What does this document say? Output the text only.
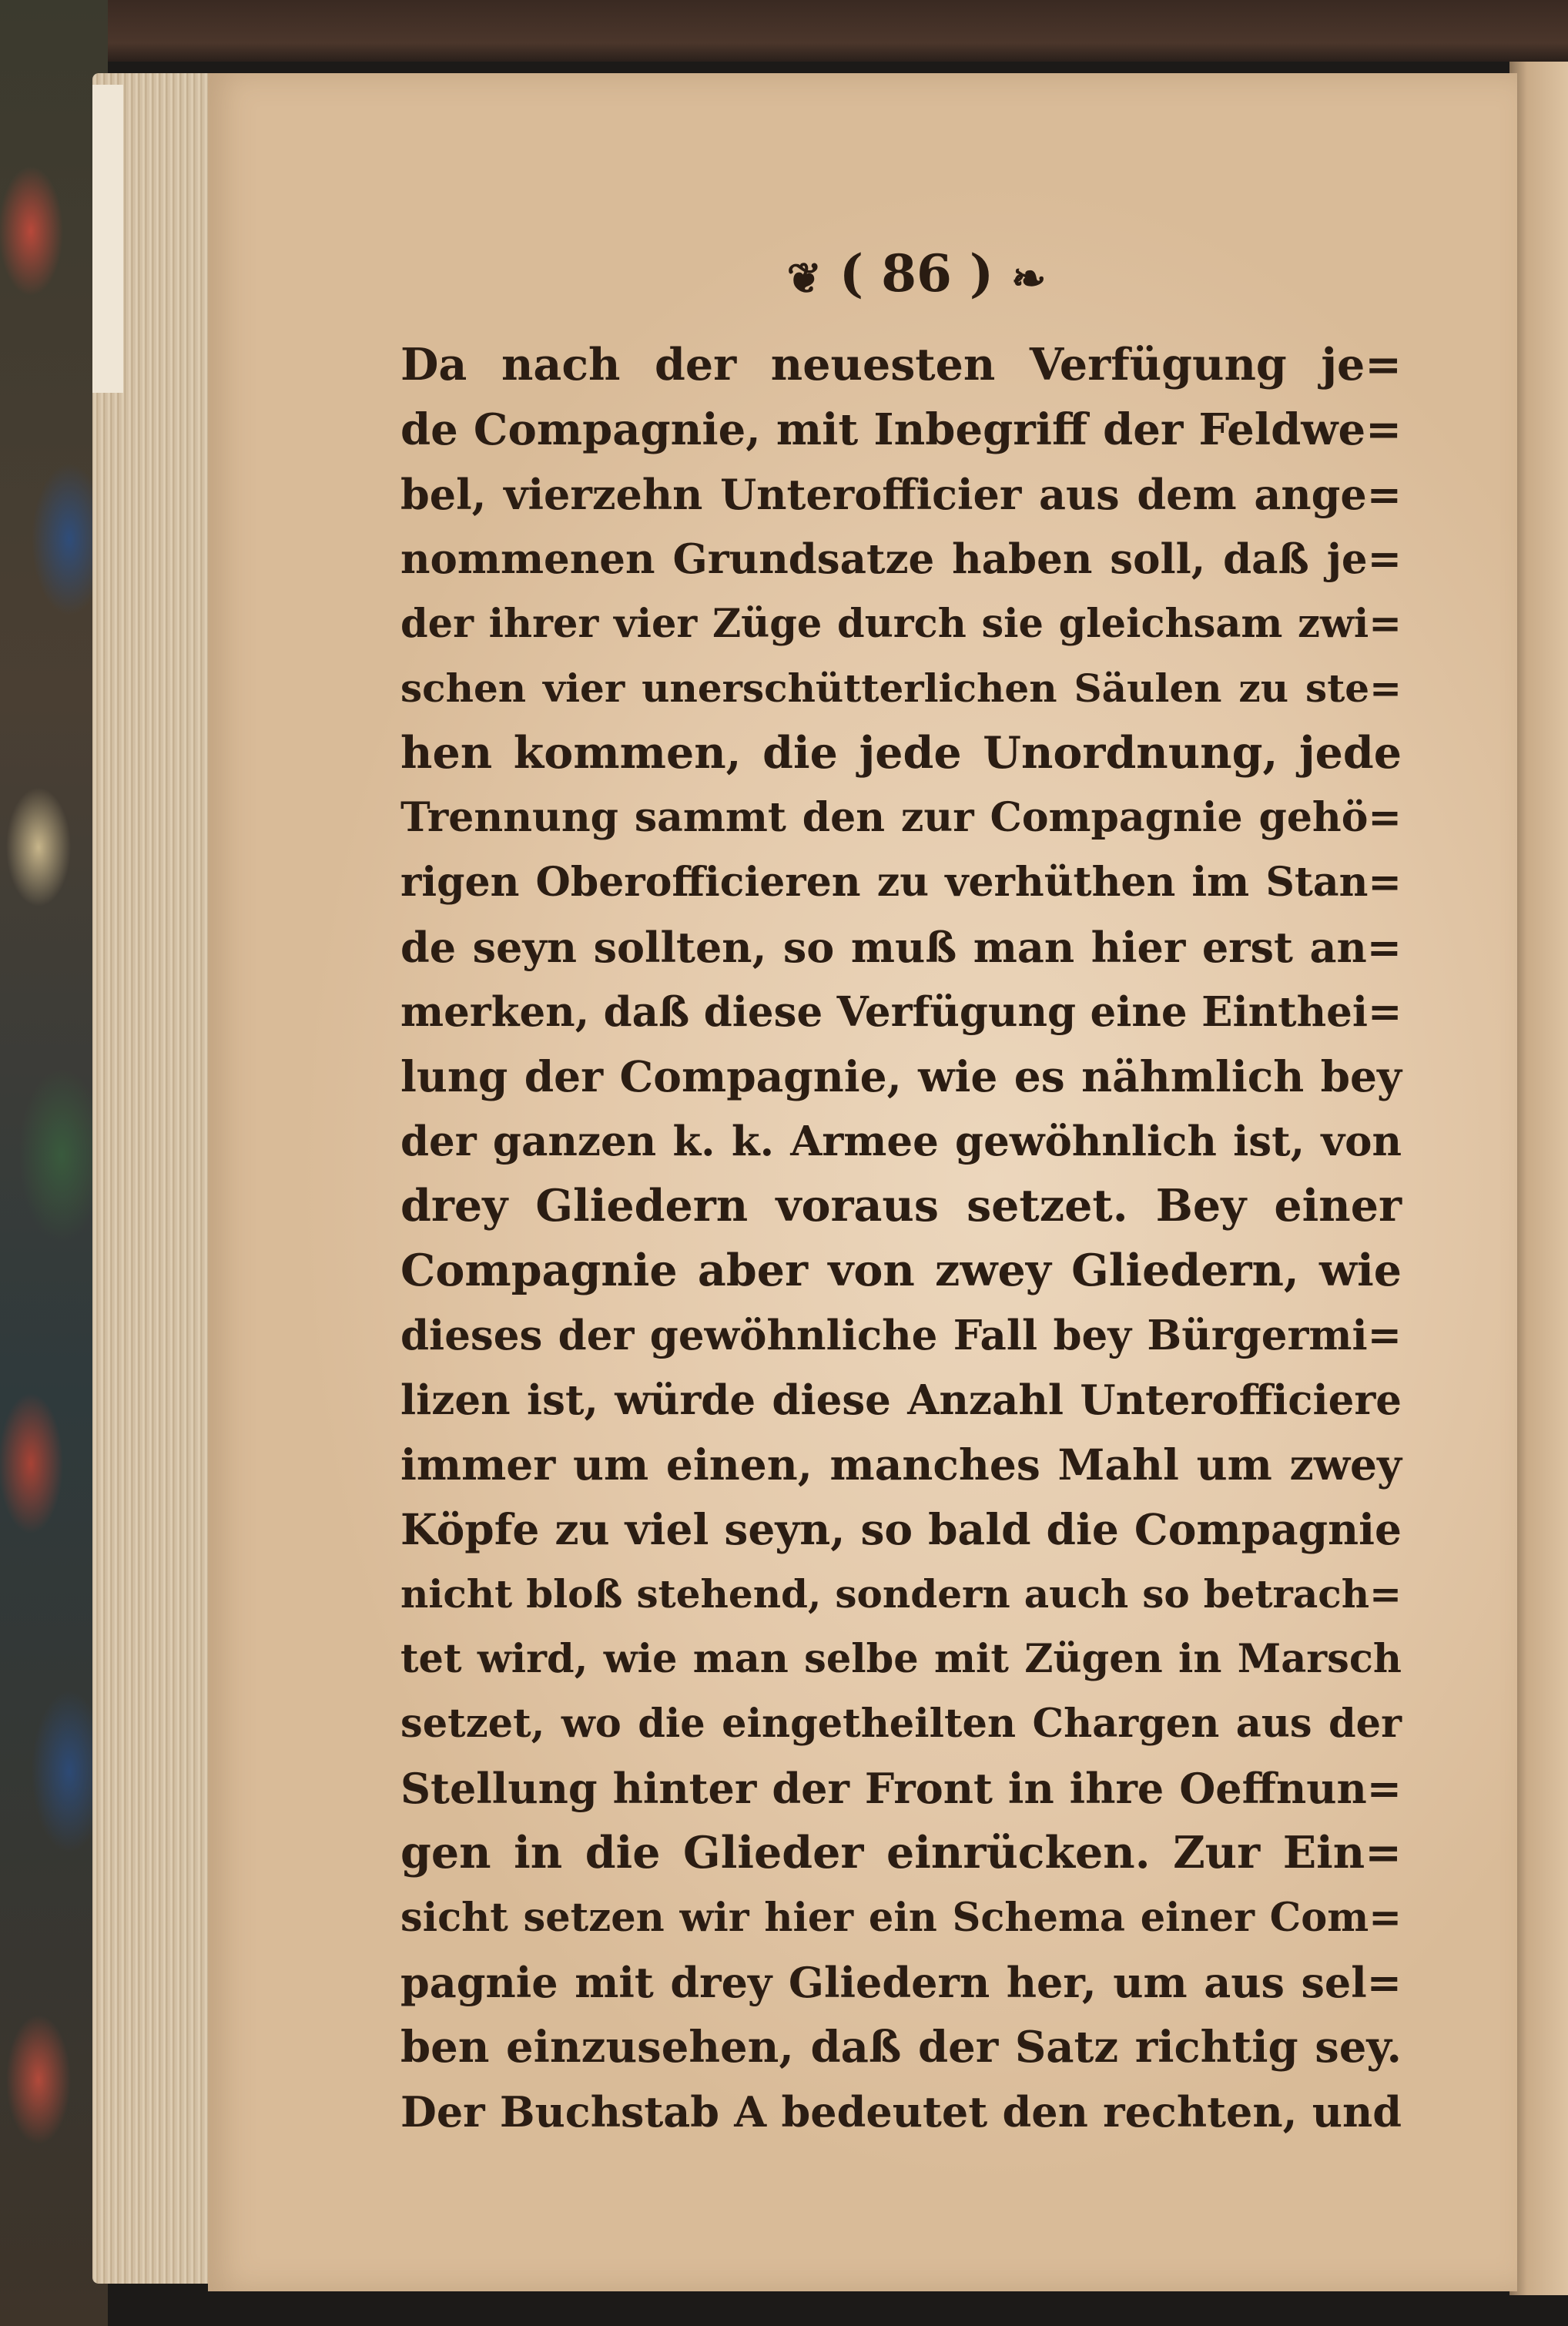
❦ ( 86 ) ❧
Da nach der neuesten Verfügung je=
de Compagnie, mit Inbegriff der Feldwe=
bel, vierzehn Unterofficier aus dem ange=
nommenen Grundsatze haben soll, daß je=
der ihrer vier Züge durch sie gleichsam zwi=
schen vier unerschütterlichen Säulen zu ste=
hen kommen, die jede Unordnung, jede
Trennung sammt den zur Compagnie gehö=
rigen Oberofficieren zu verhüthen im Stan=
de seyn sollten, so muß man hier erst an=
merken, daß diese Verfügung eine Einthei=
lung der Compagnie, wie es nähmlich bey
der ganzen k. k. Armee gewöhnlich ist, von
drey Gliedern voraus setzet. Bey einer
Compagnie aber von zwey Gliedern, wie
dieses der gewöhnliche Fall bey Bürgermi=
lizen ist, würde diese Anzahl Unterofficiere
immer um einen, manches Mahl um zwey
Köpfe zu viel seyn, so bald die Compagnie
nicht bloß stehend, sondern auch so betrach=
tet wird, wie man selbe mit Zügen in Marsch
setzet, wo die eingetheilten Chargen aus der
Stellung hinter der Front in ihre Oeffnun=
gen in die Glieder einrücken. Zur Ein=
sicht setzen wir hier ein Schema einer Com=
pagnie mit drey Gliedern her, um aus sel=
ben einzusehen, daß der Satz richtig sey.
Der Buchstab A bedeutet den rechten, und
